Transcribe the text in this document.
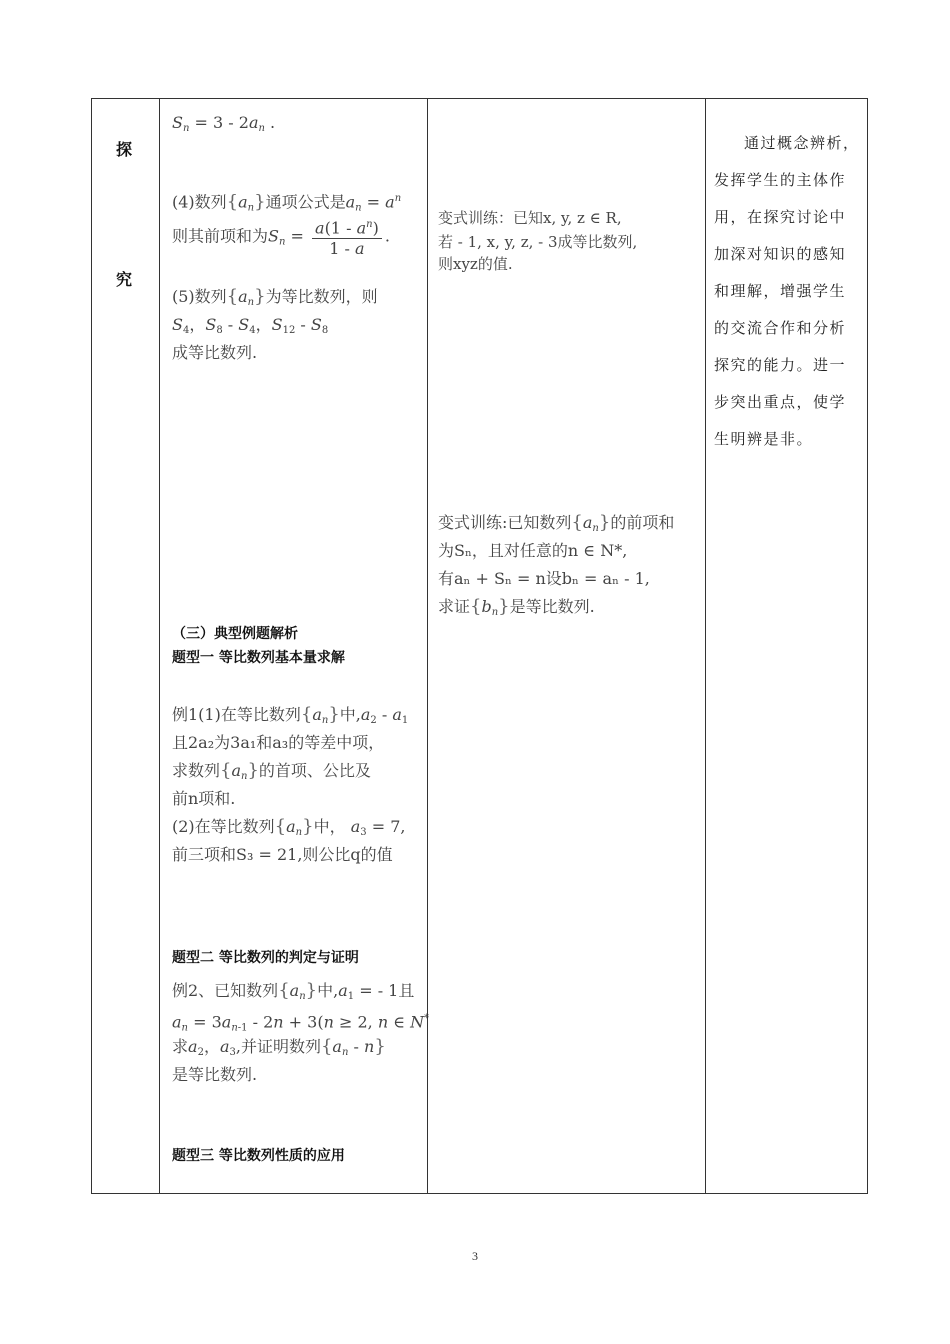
探
究
$S_n = 3 - 2a_n$ .
(4)数列$\{a_n\}$通项公式是$a_n = a^n$
则其前项和为$S_n = \frac{a(1 - a^n)}{1 - a}$ .
(5)数列$\{a_n\}$为等比数列，则
$S_4$，$S_8 - S_4$，$S_{12} - S_8$
成等比数列.
（三）典型例题解析
题型一 等比数列基本量求解
例1(1)在等比数列$\{a_n\}$中$,a_2 - a_1$
且2a₂为3a₁和a₃的等差中项，
求数列$\{a_n\}$的首项、公比及
前n项和.
(2)在等比数列$\{a_n\}$中， $a_3 = 7$,
前三项和S₃ = 21,则公比q的值
题型二 等比数列的判定与证明
例2、已知数列$\{a_n\}$中$,a_1$ = - 1且
$a_n = 3a_{n-1} - 2n + 3(n \ge 2$, n ∈ N*
求$a_2$，$a_3$,并证明数列$\{a_n - n\}$
是等比数列.
题型三 等比数列性质的应用
变式训练：已知x, y, z ∈ R,
若 - 1, x, y, z, - 3成等比数列,
则xyz的值.
变式训练:已知数列$\{a_n\}$的前项和
为Sₙ，且对任意的n ∈ N*,
有aₙ + Sₙ = n设bₙ = aₙ - 1,
求证$\{b_n\}$是等比数列.
通过概念辨析，发挥学生的主体作用，在探究讨论中加深对知识的感知和理解，增强学生的交流合作和分析探究的能力。进一步突出重点，使学生明辨是非。
3
